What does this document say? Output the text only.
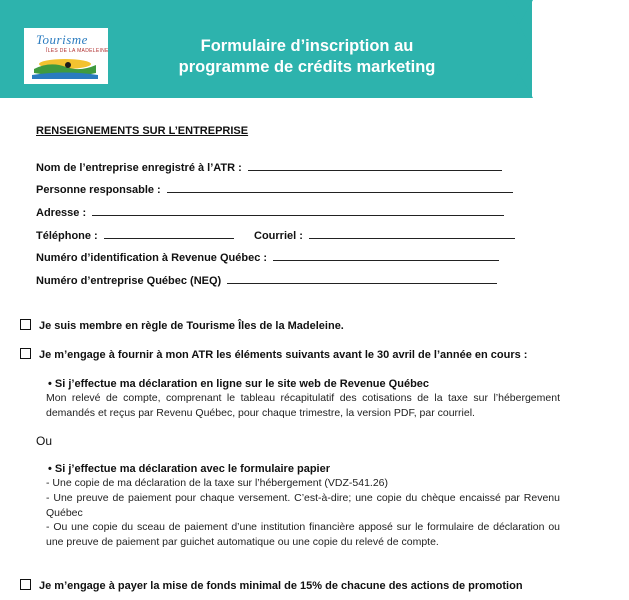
Tourisme
ÎLES DE LA MADELEINE	Formulaire d’inscription au
programme de crédits marketing
RENSEIGNEMENTS SUR L’ENTREPRISE
Nom de l’entreprise enregistré à l’ATR :
Personne responsable :
Adresse :
Téléphone :	Courriel :
Numéro d’identification à Revenue Québec :
Numéro d’entreprise Québec (NEQ)
Je suis membre en règle de Tourisme Îles de la Madeleine.
Je m’engage à fournir à mon ATR les éléments suivants avant le 30 avril de l’année en cours :
• Si j’effectue ma déclaration en ligne sur le site web de Revenue Québec
Mon relevé de compte, comprenant le tableau récapitulatif des cotisations de la taxe sur l’hébergement demandés et reçus par Revenu Québec, pour chaque trimestre, la version PDF, par courriel.
Ou
• Si j’effectue ma déclaration avec le formulaire papier
- Une copie de ma déclaration de la taxe sur l’hébergement (VDZ-541.26)
- Une preuve de paiement pour chaque versement. C’est-à-dire; une copie du chèque encaissé par Revenu Québec
- Ou une copie du sceau de paiement d’une institution financière apposé sur le formulaire de déclaration ou une preuve de paiement par guichet automatique ou une copie du relevé de compte.
Je m’engage à payer la mise de fonds minimal de 15% de chacune des actions de promotion
